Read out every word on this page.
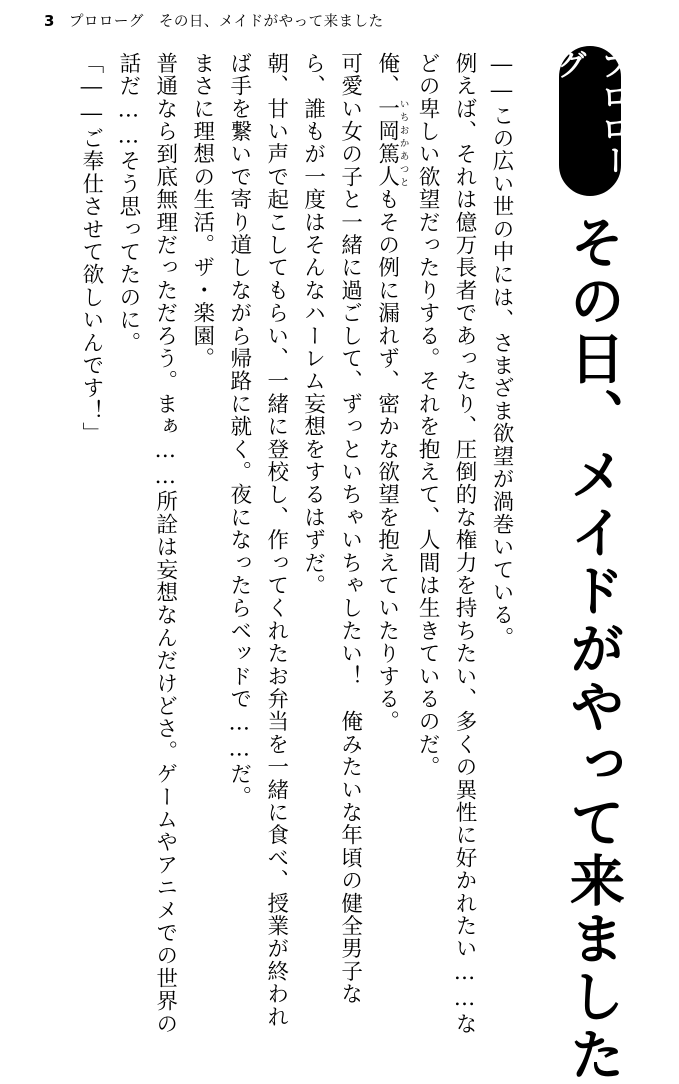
3 プロローグ　その日、メイドがやって来ました
プロローグ
その日、メイドがやって来ました

――この広い世の中には、さまざま欲望が渦巻いている。

例えば、それは億万長者であったり、圧倒的な権力を持ちたい、多くの異性に好かれたい……などの卑しい欲望だったりする。それを抱えて、人間は生きているのだ。

俺、一岡篤人いちおかあつともその例に漏れず、密かな欲望を抱えていたりする。

可愛い女の子と一緒に過ごして、ずっといちゃいちゃしたい！　俺みたいな年頃の健全男子なら、誰もが一度はそんなハーレム妄想をするはずだ。

朝、甘い声で起こしてもらい、一緒に登校し、作ってくれたお弁当を一緒に食べ、授業が終われば手を繋いで寄り道しながら帰路に就く。夜になったらベッドで……だ。

まさに理想の生活。ザ・楽園。

普通なら到底無理だっただろう。まぁ……所詮は妄想なんだけどさ。ゲームやアニメでの世界の話だ……そう思ってたのに。

「――ご奉仕させて欲しいんです！」
